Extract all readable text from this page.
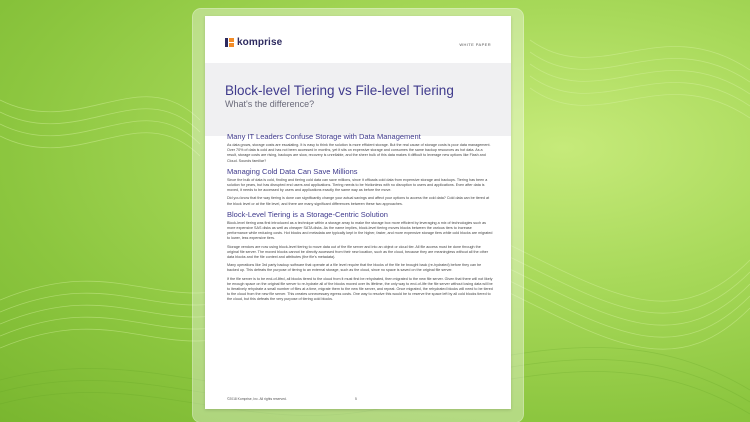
komprise	WHITE PAPER
Block-level Tiering vs File-level Tiering
What's the difference?
Many IT Leaders Confuse Storage with Data Management

As data grows, storage costs are escalating. It is easy to think the solution is more efficient storage. But the real cause of storage costs is poor data management. Over 70% of data is cold and has not been accessed in months, yet it sits on expensive storage and consumes the same backup resources as hot data. As a result, storage costs are rising, backups are slow, recovery is unreliable, and the sheer bulk of this data makes it difficult to leverage new options like Flash and Cloud. Sounds familiar?

Managing Cold Data Can Save Millions

Since the bulk of data is cold, finding and tiering cold data can save millions, since it offloads cold data from expensive storage and backups. Tiering has been a solution for years, but has disrupted end users and applications. Tiering needs to be frictionless with no disruption to users and applications. Even after data is moved, it needs to be accessed by users and applications exactly the same way as before the move.

Did you know that the way tiering is done can significantly change your actual savings and affect your options to access the cold data? Cold data can be tiered at the block level or at the file level, and there are many significant differences between these two approaches.

Block-Level Tiering is a Storage-Centric Solution

Block-level tiering was first introduced as a technique within a storage array to make the storage box more efficient by leveraging a mix of technologies such as more expensive SAS disks as well as cheaper SATA disks. As the name implies, block-level tiering moves blocks between the various tiers to increase performance while reducing costs. Hot blocks and metadata are typically kept in the higher, faster, and more expensive storage tiers while cold blocks are migrated to lower, less expensive tiers.

Storage vendors are now using block-level tiering to move data out of the file server and into an object or cloud tier. All file access must be done through the original file server. The moved blocks cannot be directly accessed from their new location, such as the cloud, because they are meaningless without all the other data blocks and the file context and attributes (the file's metadata).

Many operations like 3rd party backup software that operate at a file level require that the blocks of the file be brought back (re-hydrated) before they can be backed up. This defeats the purpose of tiering to an external storage, such as the cloud, since no space is saved on the original file server.

If the file server is to be end-of-lifed, all blocks tiered to the cloud from it must first be rehydrated, then migrated to the new file server. Given that there will not likely be enough space on the original file server to re-hydrate all of the blocks moved over its lifetime, the only way to end-of-life the file server without losing data will be to iteratively rehydrate a small number of files at a time, migrate them to the new file server, and repeat. Once migrated, the rehydrated blocks will need to be tiered to the cloud from the new file server. This creates unnecessary egress costs. One way to resolve this would be to reserve the space left by all cold blocks tiered to the cloud, but this defeats the very purpose of tiering cold blocks.

©2018 Komprise, Inc. All rights reserved.	5
